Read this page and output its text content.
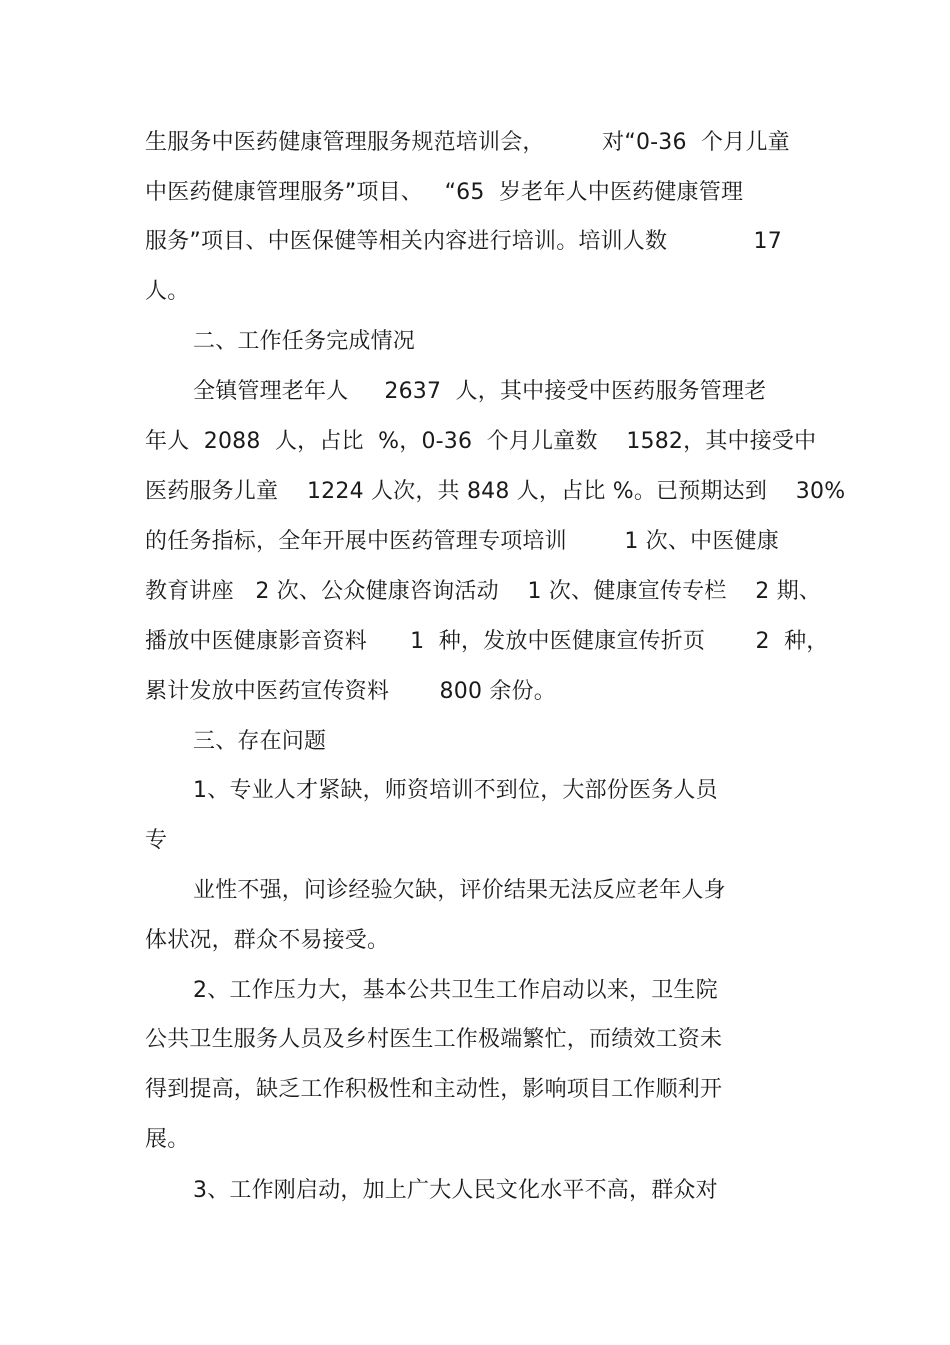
生服务中医药健康管理服务规范培训会，        对“0-36  个月儿童
中医药健康管理服务”项目、   “65  岁老年人中医药健康管理
服务”项目、中医保健等相关内容进行培训。培训人数            17
人。
二、工作任务完成情况
全镇管理老年人     2637  人，其中接受中医药服务管理老
年人  2088  人，占比  %，0-36  个月儿童数    1582，其中接受中
医药服务儿童    1224 人次，共 848 人，占比 %。已预期达到    30%
的任务指标，全年开展中医药管理专项培训        1 次、中医健康
教育讲座   2 次、公众健康咨询活动    1 次、健康宣传专栏    2 期、
播放中医健康影音资料      1  种，发放中医健康宣传折页       2  种，
累计发放中医药宣传资料       800 余份。
三、存在问题
1、专业人才紧缺，师资培训不到位，大部份医务人员
专
业性不强，问诊经验欠缺，评价结果无法反应老年人身
体状况，群众不易接受。
2、工作压力大，基本公共卫生工作启动以来，卫生院
公共卫生服务人员及乡村医生工作极端繁忙，而绩效工资未
得到提高，缺乏工作积极性和主动性，影响项目工作顺利开
展。
3、工作刚启动，加上广大人民文化水平不高，群众对
